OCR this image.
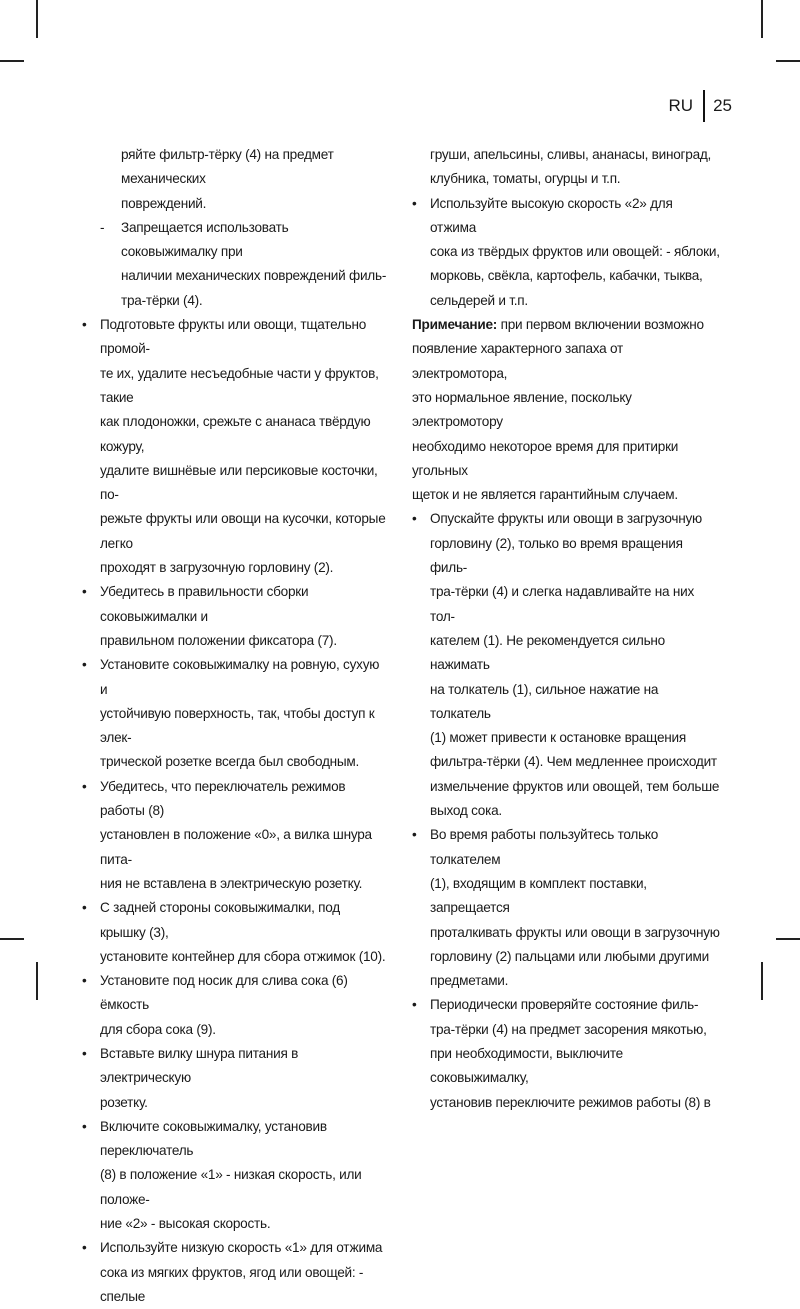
RU 25
ряйте фильтр-тёрку (4) на предмет механических
повреждений.
- Запрещается использовать соковыжималку при
наличии механических повреждений филь-
тра-тёрки (4).
• Подготовьте фрукты или овощи, тщательно промой-
те их, удалите несъедобные части у фруктов, такие
как плодоножки, срежьте с ананаса твёрдую кожуру,
удалите вишнёвые или персиковые косточки, по-
режьте фрукты или овощи на кусочки, которые легко
проходят в загрузочную горловину (2).
• Убедитесь в правильности сборки соковыжималки и
правильном положении фиксатора (7).
• Установите соковыжималку на ровную, сухую и
устойчивую поверхность, так, чтобы доступ к элек-
трической розетке всегда был свободным.
• Убедитесь, что переключатель режимов работы (8)
установлен в положение «0», а вилка шнура пита-
ния не вставлена в электрическую розетку.
• С задней стороны соковыжималки, под крышку (3),
установите контейнер для сбора отжимок (10).
• Установите под носик для слива сока (6) ёмкость
для сбора сока (9).
• Вставьте вилку шнура питания в электрическую
розетку.
• Включите соковыжималку, установив переключатель
(8) в положение «1» - низкая скорость, или положе-
ние «2» - высокая скорость.
• Используйте низкую скорость «1» для отжима
сока из мягких фруктов, ягод или овощей: - спелые
груши, апельсины, сливы, ананасы, виноград,
клубника, томаты, огурцы и т.п.
• Используйте высокую скорость «2» для отжима
сока из твёрдых фруктов или овощей: - яблоки,
морковь, свёкла, картофель, кабачки, тыква,
сельдерей и т.п.
Примечание: при первом включении возможно
появление характерного запаха от электромотора,
это нормальное явление, поскольку электромотору
необходимо некоторое время для притирки угольных
щеток и не является гарантийным случаем.
• Опускайте фрукты или овощи в загрузочную
горловину (2), только во время вращения филь-
тра-тёрки (4) и слегка надавливайте на них тол-
кателем (1). Не рекомендуется сильно нажимать
на толкатель (1), сильное нажатие на толкатель
(1) может привести к остановке вращения
фильтра-тёрки (4). Чем медленнее происходит
измельчение фруктов или овощей, тем больше
выход сока.
• Во время работы пользуйтесь только толкателем
(1), входящим в комплект поставки, запрещается
проталкивать фрукты или овощи в загрузочную
горловину (2) пальцами или любыми другими
предметами.
• Периодически проверяйте состояние филь-
тра-тёрки (4) на предмет засорения мякотью,
при необходимости, выключите соковыжималку,
установив переключите режимов работы (8) в
